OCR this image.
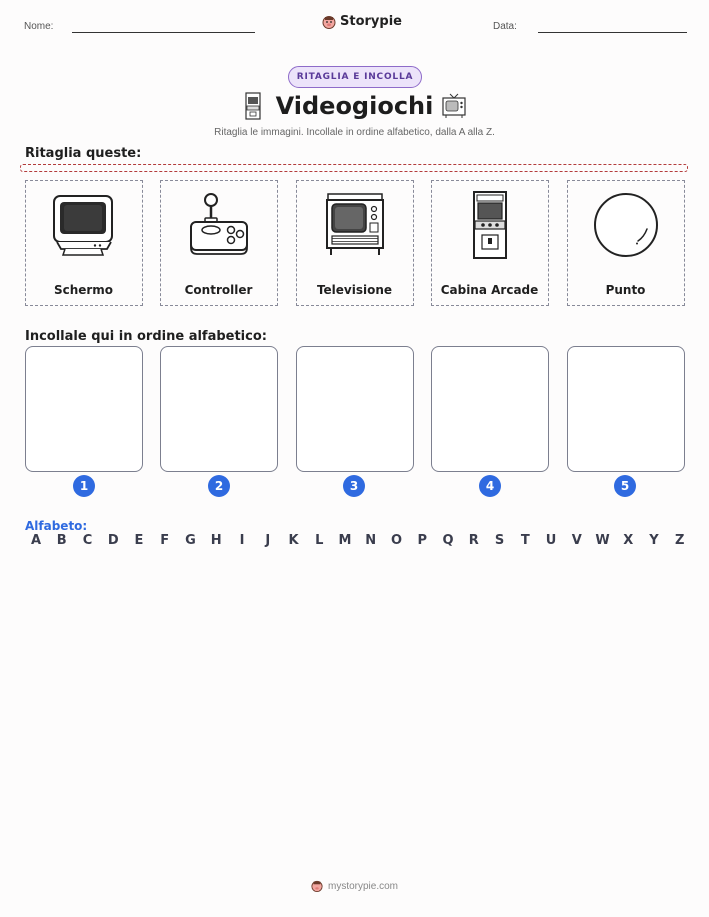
Nome:	Storypie	Data:
RITAGLIA E INCOLLA
Videogiochi
Ritaglia le immagini. Incollale in ordine alfabetico, dalla A alla Z.
Ritaglia queste:
Schermo	Controller	Televisione	Cabina Arcade	Punto
Incollale qui in ordine alfabetico:
1	2	3	4	5
Alfabeto:
A B C D E F G H	I	J	K L M N O P Q R S T U V W X Y Z
mystorypie.com
